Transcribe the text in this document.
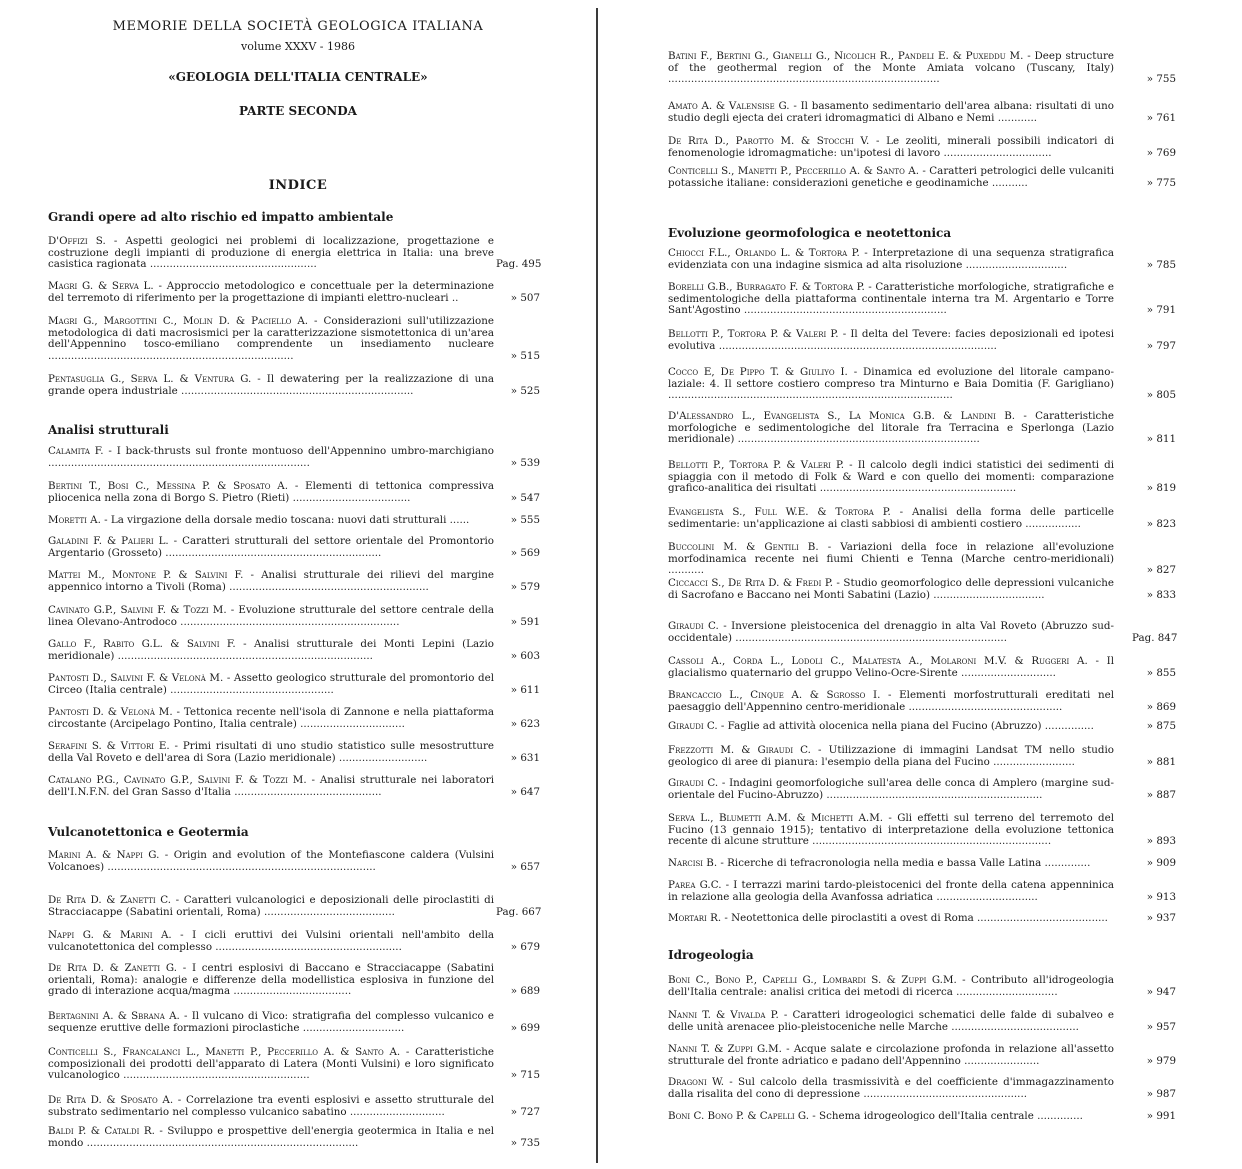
MEMORIE DELLA SOCIETÀ GEOLOGICA ITALIANA
volume XXXV - 1986
«GEOLOGIA DELL'ITALIA CENTRALE»
PARTE SECONDA
INDICE
Grandi opere ad alto rischio ed impatto ambientale
D'Offizi S. - Aspetti geologici nei problemi di localizzazione, progettazione e costruzione degli impianti di produzione di energia elettrica in Italia: una breve casistica ragionata ...................................................	Pag. 495
Magri G. & Serva L. - Approccio metodologico e concettuale per la determinazione del terremoto di riferimento per la progettazione di impianti elettro-nucleari ..	» 507
Magri G., Margottini C., Molin D. & Paciello A. - Considerazioni sull'utilizzazione metodologica di dati macrosismici per la caratterizzazione sismotettonica di un'area dell'Appennino tosco-emiliano comprendente un insediamento nucleare ...........................................................................	» 515
Pentasuglia G., Serva L. & Ventura G. - Il dewatering per la realizzazione di una grande opera industriale .......................................................................	» 525
Analisi strutturali
Calamita F. - I back-thrusts sul fronte montuoso dell'Appennino umbro-marchigiano ................................................................................	» 539
Bertini T., Bosi C., Messina P. & Sposato A. - Elementi di tettonica compressiva pliocenica nella zona di Borgo S. Pietro (Rieti) ....................................	» 547
Moretti A. - La virgazione della dorsale medio toscana: nuovi dati strutturali ......	» 555
Galadini F. & Palieri L. - Caratteri strutturali del settore orientale del Promontorio Argentario (Grosseto) ..................................................................	» 569
Mattei M., Montone P. & Salvini F. - Analisi strutturale dei rilievi del margine appennico intorno a Tivoli (Roma) .............................................................	» 579
Cavinato G.P., Salvini F. & Tozzi M. - Evoluzione strutturale del settore centrale della linea Olevano-Antrodoco ...................................................................	» 591
Gallo F., Rabito G.L. & Salvini F. - Analisi strutturale dei Monti Lepini (Lazio meridionale) ..............................................................................	» 603
Pantosti D., Salvini F. & Velonà M. - Assetto geologico strutturale del promontorio del Circeo (Italia centrale) ..................................................	» 611
Pantosti D. & Velonà M. - Tettonica recente nell'isola di Zannone e nella piattaforma circostante (Arcipelago Pontino, Italia centrale) ................................	» 623
Serafini S. & Vittori E. - Primi risultati di uno studio statistico sulle mesostrutture della Val Roveto e dell'area di Sora (Lazio meridionale) ...........................	» 631
Catalano P.G., Cavinato G.P., Salvini F. & Tozzi M. - Analisi strutturale nei laboratori dell'I.N.F.N. del Gran Sasso d'Italia .............................................	» 647
Vulcanotettonica e Geotermia
Marini A. & Nappi G. - Origin and evolution of the Montefiascone caldera (Vulsini Volcanoes) ..................................................................................	» 657
De Rita D. & Zanetti C. - Caratteri vulcanologici e deposizionali delle piroclastiti di Stracciacappe (Sabatini orientali, Roma) ........................................	Pag. 667
Nappi G. & Marini A. - I cicli eruttivi dei Vulsini orientali nell'ambito della vulcanotettonica del complesso .........................................................	» 679
De Rita D. & Zanetti G. - I centri esplosivi di Baccano e Stracciacappe (Sabatini orientali, Roma): analogie e differenze della modellistica esplosiva in funzione del grado di interazione acqua/magma ....................................	» 689
Bertagnini A. & Sbrana A. - Il vulcano di Vico: stratigrafia del complesso vulcanico e sequenze eruttive delle formazioni piroclastiche ...............................	» 699
Conticelli S., Francalanci L., Manetti P., Peccerillo A. & Santo A. - Caratteristiche composizionali dei prodotti dell'apparato di Latera (Monti Vulsini) e loro significato vulcanologico .........................................................	» 715
De Rita D. & Sposato A. - Correlazione tra eventi esplosivi e assetto strutturale del substrato sedimentario nel complesso vulcanico sabatino .............................	» 727
Baldi P. & Cataldi R. - Sviluppo e prospettive dell'energia geotermica in Italia e nel mondo ...................................................................................	» 735
Batini F., Bertini G., Gianelli G., Nicolich R., Pandeli E. & Puxeddu M. - Deep structure of the geothermal region of the Monte Amiata volcano (Tuscany, Italy) ...................................................................................	» 755
Amato A. & Valensise G. - Il basamento sedimentario dell'area albana: risultati di uno studio degli ejecta dei crateri idromagmatici di Albano e Nemi ............	» 761
De Rita D., Parotto M. & Stocchi V. - Le zeoliti, minerali possibili indicatori di fenomenologie idromagmatiche: un'ipotesi di lavoro .................................	» 769
Conticelli S., Manetti P., Peccerillo A. & Santo A. - Caratteri petrologici delle vulcaniti potassiche italiane: considerazioni genetiche e geodinamiche ...........	» 775
Evoluzione geormofologica e neotettonica
Chiocci F.L., Orlando L. & Tortora P. - Interpretazione di una sequenza stratigrafica evidenziata con una indagine sismica ad alta risoluzione ...............................	» 785
Borelli G.B., Burragato F. & Tortora P. - Caratteristiche morfologiche, stratigrafiche e sedimentologiche della piattaforma continentale interna tra M. Argentario e Torre Sant'Agostino ..............................................................	» 791
Bellotti P., Tortora P. & Valeri P. - Il delta del Tevere: facies deposizionali ed ipotesi evolutiva .....................................................................................	» 797
Cocco E, De Pippo T. & Giuliyo I. - Dinamica ed evoluzione del litorale campano-laziale: 4. Il settore costiero compreso tra Minturno e Baia Domitia (F. Garigliano) .......................................................................................	» 805
D'Alessandro L., Evangelista S., La Monica G.B. & Landini B. - Caratteristiche morfologiche e sedimentologiche del litorale fra Terracina e Sperlonga (Lazio meridionale) ..........................................................................	» 811
Bellotti P., Tortora P. & Valeri P. - Il calcolo degli indici statistici dei sedimenti di spiaggia con il metodo di Folk & Ward e con quello dei momenti: comparazione grafico-analitica dei risultati ............................................................	» 819
Evangelista S., Full W.E. & Tortora P. - Analisi della forma delle particelle sedimentarie: un'applicazione ai clasti sabbiosi di ambienti costiero .................	» 823
Buccolini M. & Gentili B. - Variazioni della foce in relazione all'evoluzione morfodinamica recente nei fiumi Chienti e Tenna (Marche centro-meridionali) ...........	» 827
Ciccacci S., De Rita D. & Fredi P. - Studio geomorfologico delle depressioni vulcaniche di Sacrofano e Baccano nei Monti Sabatini (Lazio) ..................................	» 833
Giraudi C. - Inversione pleistocenica del drenaggio in alta Val Roveto (Abruzzo sud-occidentale) ...................................................................................	Pag. 847
Cassoli A., Corda L., Lodoli C., Malatesta A., Molaroni M.V. & Ruggeri A. - Il glacialismo quaternario del gruppo Velino-Ocre-Sirente .............................	» 855
Brancaccio L., Cinque A. & Sgrosso I. - Elementi morfostrutturali ereditati nel paesaggio dell'Appennino centro-meridionale ...............................................	» 869
Giraudi C. - Faglie ad attività olocenica nella piana del Fucino (Abruzzo) ...............	» 875
Frezzotti M. & Giraudi C. - Utilizzazione di immagini Landsat TM nello studio geologico di aree di pianura: l'esempio della piana del Fucino .........................	» 881
Giraudi C. - Indagini geomorfologiche sull'area delle conca di Amplero (margine sud-orientale del Fucino-Abruzzo) ..................................................................	» 887
Serva L., Blumetti A.M. & Michetti A.M. - Gli effetti sul terreno del terremoto del Fucino (13 gennaio 1915); tentativo di interpretazione della evoluzione tettonica recente di alcune strutture .........................................................................	» 893
Narcisi B. - Ricerche di tefracronologia nella media e bassa Valle Latina ..............	» 909
Parea G.C. - I terrazzi marini tardo-pleistocenici del fronte della catena appenninica in relazione alla geologia della Avanfossa adriatica ...............................	» 913
Mortari R. - Neotettonica delle piroclastiti a ovest di Roma ........................................	» 937
Idrogeologia
Boni C., Bono P., Capelli G., Lombardi S. & Zuppi G.M. - Contributo all'idrogeologia dell'Italia centrale: analisi critica dei metodi di ricerca ...............................	» 947
Nanni T. & Vivalda P. - Caratteri idrogeologici schematici delle falde di subalveo e delle unità arenacee plio-pleistoceniche nelle Marche .......................................	» 957
Nanni T. & Zuppi G.M. - Acque salate e circolazione profonda in relazione all'assetto strutturale del fronte adriatico e padano dell'Appennino .......................	» 979
Dragoni W. - Sul calcolo della trasmissività e del coefficiente d'immagazzinamento dalla risalita del cono di depressione ..................................................	» 987
Boni C. Bono P. & Capelli G. - Schema idrogeologico dell'Italia centrale ..............	» 991
